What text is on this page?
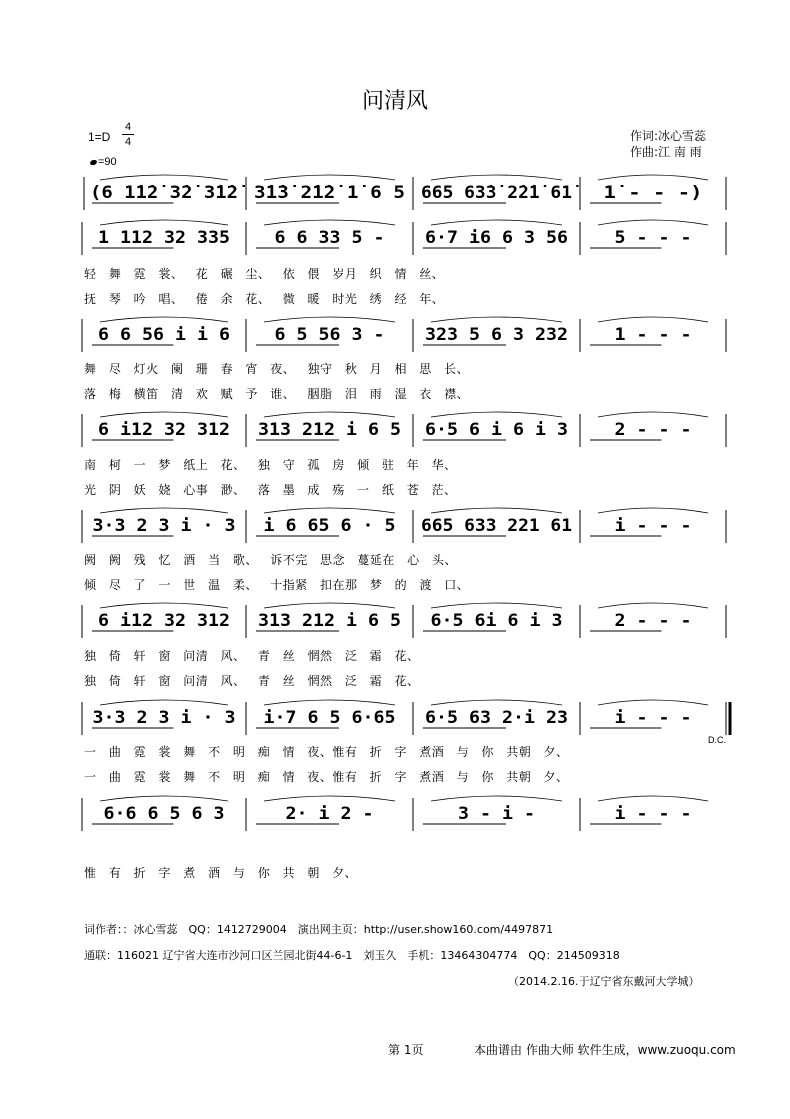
问清风
1=D
4
4
=90
作词:冰心雪蕊
作曲:江 南 雨
(6 1̇1̇2̇ 3̇2̇ 3̇1̇2̇ 3̇1̇3̇ 2̇1̇2̇ 1̇ 6 5 665 63̇3̇ 2̇2̇1̇ 61̇ 1̇ - - -)
1 112 32 335	6 6 33 5 - 6·7 i6 6 3 56	5 - - -
轻 舞 霓 裳、 花 碾 尘、 依 偎 岁月 织 情 丝、
抚 琴 吟 唱、 倦 余 花、 微 暖 时光 绣 经 年、
6 6 56 i i 6	6 5 56 3 - 323 5 6 3 232	1 - - -
舞 尽 灯火 阑 珊 春 宵 夜、 独守 秋 月 相 思 长、
落 梅 横笛 清 欢 赋 予 谁、 胭脂 泪 雨 湿 衣 襟、
6 i12 32 312 313 212 i 6 5 6·5 6 i 6 i 3	2 - - -
南 柯 一 梦 纸上 花、 独 守 孤 房 倾 驻 年 华、
光 阴 妖 娆 心事 渺、 落 墨 成 殇 一 纸 苍 茫、
3·3 2 3 i · 3 i 6 65 6 · 5 665 633 221 61	i - - -
阙 阙 残 忆 酒 当 歌、 诉不完 思念 蔓延在 心 头、
倾 尽 了 一 世 温 柔、 十指紧 扣在那 梦 的 渡 口、
6 i12 32 312 313 212 i 6 5 6·5 6i 6 i 3	2 - - -
独 倚 轩 窗 问清 风、 青 丝 惘然 泛 霜 花、
独 倚 轩 窗 问清 风、 青 丝 惘然 泛 霜 花、
3·3 2 3 i · 3 i·7 6 5 6·65 6·5 63 2·i 23	i - - -
D.C.
一 曲 霓 裳 舞 不 明 痴 情 夜、惟有 折 字 煮酒 与 你 共朝 夕、
一 曲 霓 裳 舞 不 明 痴 情 夜、惟有 折 字 煮酒 与 你 共朝 夕、
6·6 6 5 6 3	2· i 2 -	3 - i -	i - - -
惟 有 折 字 煮 酒 与 你 共 朝 夕、
词作者：：冰心雪蕊　QQ：1412729004　演出网主页：http://user.show160.com/4497871
通联：116021 辽宁省大连市沙河口区兰园北街44-6-1　刘玉久　手机：13464304774　QQ：214509318
（2014.2.16.于辽宁省东戴河大学城）
第 1页	本曲谱由 作曲大师 软件生成，www.zuoqu.com
